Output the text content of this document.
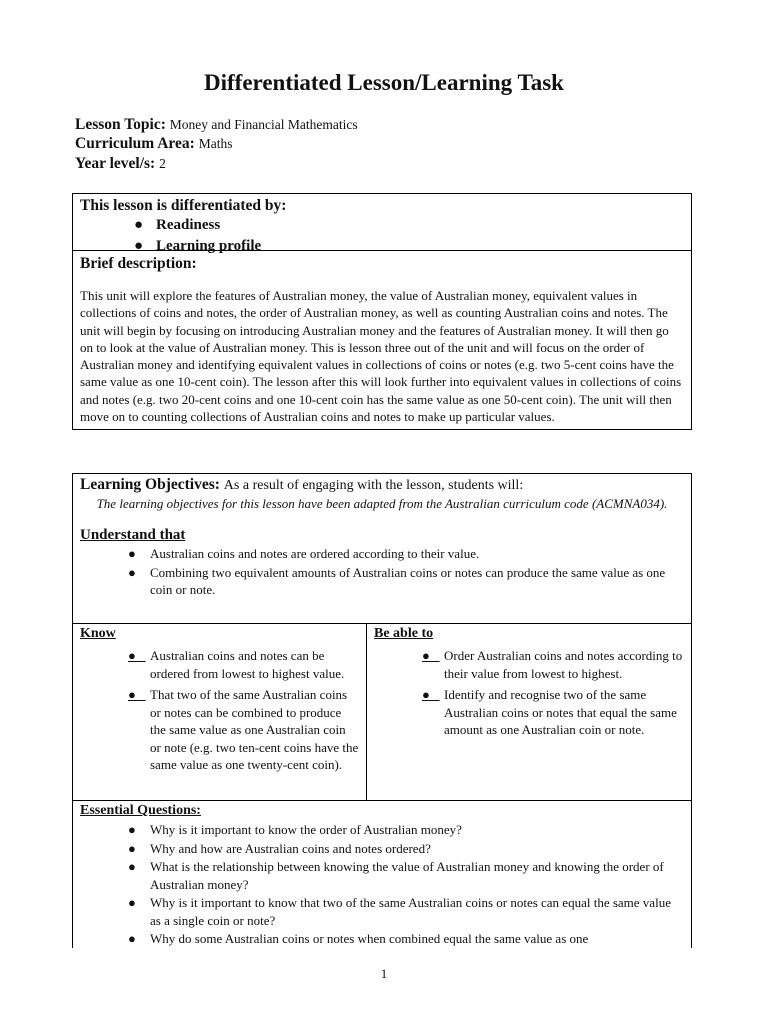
Differentiated Lesson/Learning Task
Lesson Topic: Money and Financial Mathematics
Curriculum Area: Maths
Year level/s: 2
This lesson is differentiated by:
● Readiness
● Learning profile
Brief description:
This unit will explore the features of Australian money, the value of Australian money, equivalent values in collections of coins and notes, the order of Australian money, as well as counting Australian coins and notes. The unit will begin by focusing on introducing Australian money and the features of Australian money. It will then go on to look at the value of Australian money. This is lesson three out of the unit and will focus on the order of Australian money and identifying equivalent values in collections of coins or notes (e.g. two 5-cent coins have the same value as one 10-cent coin). The lesson after this will look further into equivalent values in collections of coins and notes (e.g. two 20-cent coins and one 10-cent coin has the same value as one 50-cent coin). The unit will then move on to counting collections of Australian coins and notes to make up particular values.
Learning Objectives: As a result of engaging with the lesson, students will:
The learning objectives for this lesson have been adapted from the Australian curriculum code (ACMNA034).
Understand that
● Australian coins and notes are ordered according to their value.
● Combining two equivalent amounts of Australian coins or notes can produce the same value as one coin or note.
Know
● Australian coins and notes can be ordered from lowest to highest value.
● That two of the same Australian coins or notes can be combined to produce the same value as one Australian coin or note (e.g. two ten-cent coins have the same value as one twenty-cent coin).
Be able to
● Order Australian coins and notes according to their value from lowest to highest.
● Identify and recognise two of the same Australian coins or notes that equal the same amount as one Australian coin or note.
Essential Questions:
● Why is it important to know the order of Australian money?
● Why and how are Australian coins and notes ordered?
● What is the relationship between knowing the value of Australian money and knowing the order of Australian money?
● Why is it important to know that two of the same Australian coins or notes can equal the same value as a single coin or note?
● Why do some Australian coins or notes when combined equal the same value as one
1
